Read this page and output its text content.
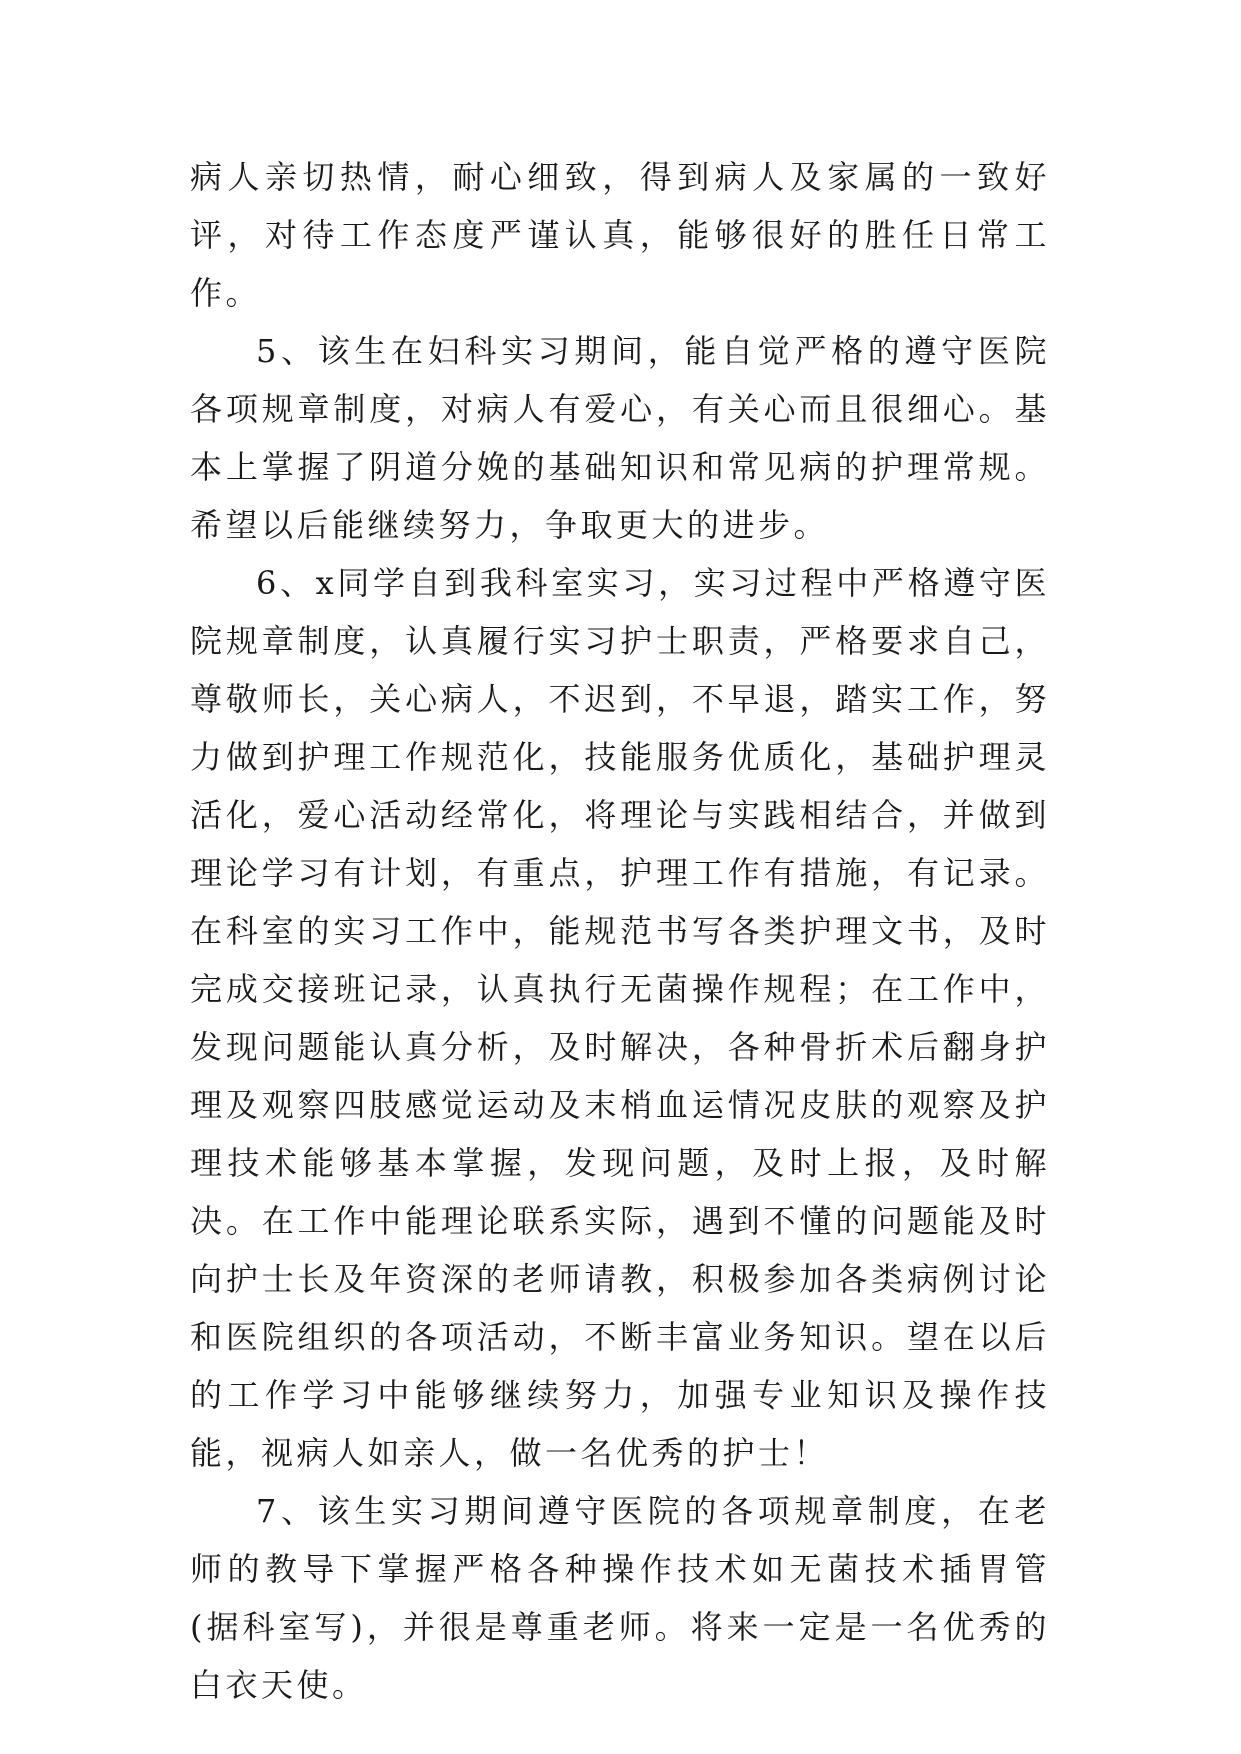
病人亲切热情，耐心细致，得到病人及家属的一致好评，对待工作态度严谨认真，能够很好的胜任日常工作。

5、该生在妇科实习期间，能自觉严格的遵守医院各项规章制度，对病人有爱心，有关心而且很细心。基本上掌握了阴道分娩的基础知识和常见病的护理常规。希望以后能继续努力，争取更大的进步。

6、x同学自到我科室实习，实习过程中严格遵守医院规章制度，认真履行实习护士职责，严格要求自己，尊敬师长，关心病人，不迟到，不早退，踏实工作，努力做到护理工作规范化，技能服务优质化，基础护理灵活化，爱心活动经常化，将理论与实践相结合，并做到理论学习有计划，有重点，护理工作有措施，有记录。在科室的实习工作中，能规范书写各类护理文书，及时完成交接班记录，认真执行无菌操作规程；在工作中，发现问题能认真分析，及时解决，各种骨折术后翻身护理及观察四肢感觉运动及末梢血运情况皮肤的观察及护理技术能够基本掌握，发现问题，及时上报，及时解决。在工作中能理论联系实际，遇到不懂的问题能及时向护士长及年资深的老师请教，积极参加各类病例讨论和医院组织的各项活动，不断丰富业务知识。望在以后的工作学习中能够继续努力，加强专业知识及操作技能，视病人如亲人，做一名优秀的护士！

7、该生实习期间遵守医院的各项规章制度，在老师的教导下掌握严格各种操作技术如无菌技术插胃管(据科室写)，并很是尊重老师。将来一定是一名优秀的白衣天使。
